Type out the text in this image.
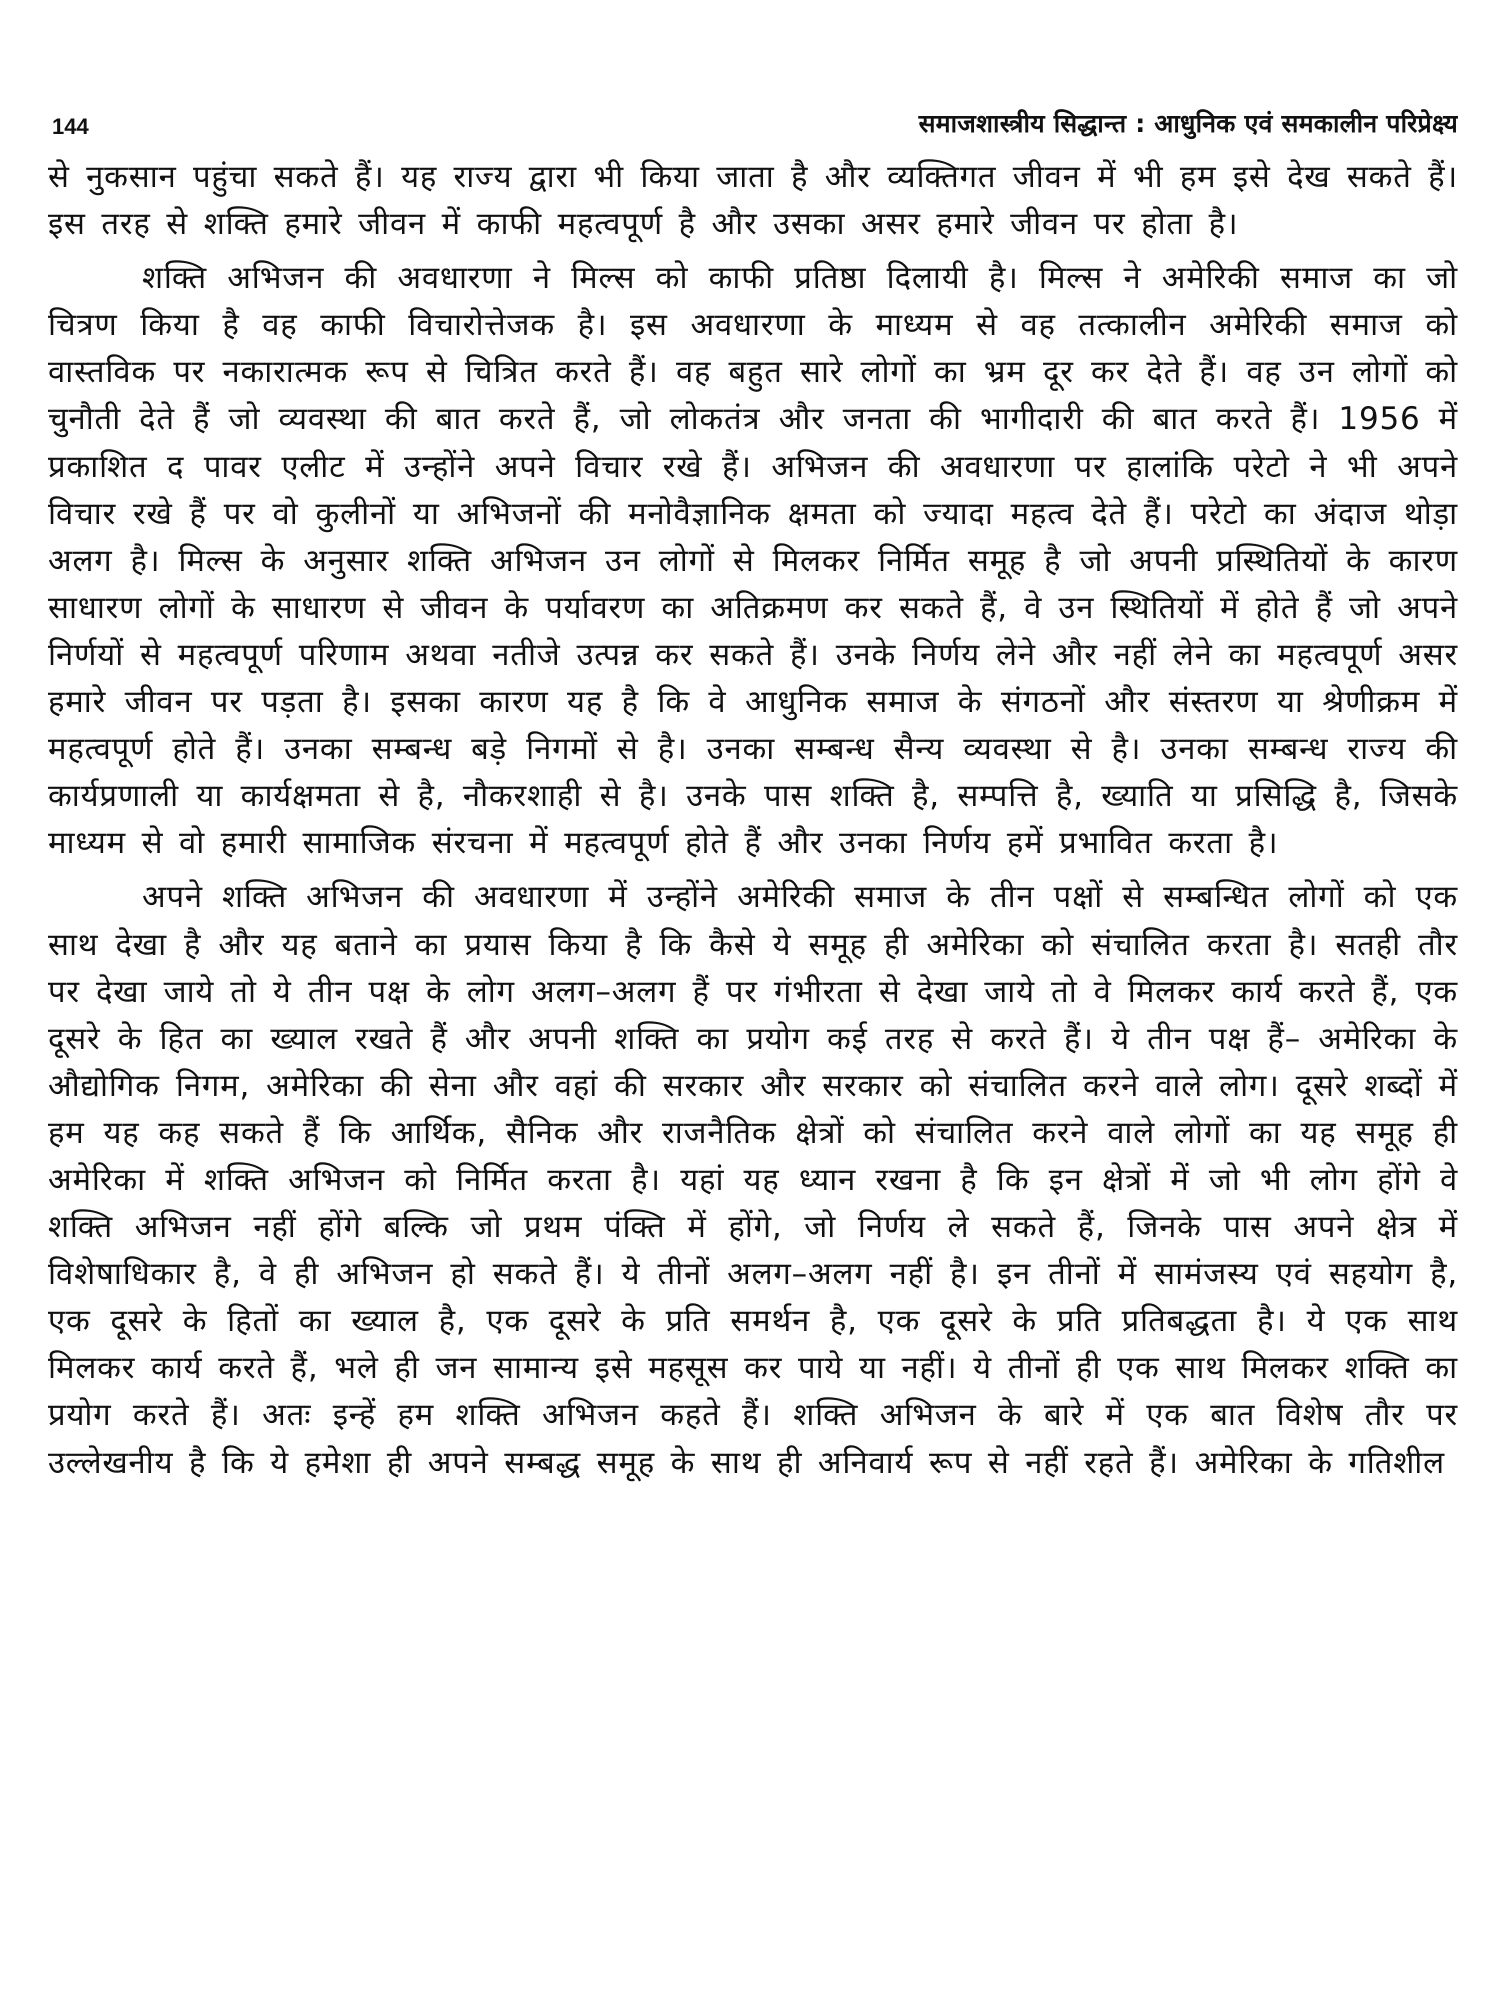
144	समाजशास्त्रीय सिद्धान्त : आधुनिक एवं समकालीन परिप्रेक्ष्य

से नुकसान पहुंचा सकते हैं। यह राज्य द्वारा भी किया जाता है और व्यक्तिगत जीवन में भी हम इसे देख सकते हैं। इस तरह से शक्ति हमारे जीवन में काफी महत्वपूर्ण है और उसका असर हमारे जीवन पर होता है।

शक्ति अभिजन की अवधारणा ने मिल्स को काफी प्रतिष्ठा दिलायी है। मिल्स ने अमेरिकी समाज का जो चित्रण किया है वह काफी विचारोत्तेजक है। इस अवधारणा के माध्यम से वह तत्कालीन अमेरिकी समाज को वास्तविक पर नकारात्मक रूप से चित्रित करते हैं। वह बहुत सारे लोगों का भ्रम दूर कर देते हैं। वह उन लोगों को चुनौती देते हैं जो व्यवस्था की बात करते हैं, जो लोकतंत्र और जनता की भागीदारी की बात करते हैं। 1956 में प्रकाशित द पावर एलीट में उन्होंने अपने विचार रखे हैं। अभिजन की अवधारणा पर हालांकि परेटो ने भी अपने विचार रखे हैं पर वो कुलीनों या अभिजनों की मनोवैज्ञानिक क्षमता को ज्यादा महत्व देते हैं। परेटो का अंदाज थोड़ा अलग है। मिल्स के अनुसार शक्ति अभिजन उन लोगों से मिलकर निर्मित समूह है जो अपनी प्रस्थितियों के कारण साधारण लोगों के साधारण से जीवन के पर्यावरण का अतिक्रमण कर सकते हैं, वे उन स्थितियों में होते हैं जो अपने निर्णयों से महत्वपूर्ण परिणाम अथवा नतीजे उत्पन्न कर सकते हैं। उनके निर्णय लेने और नहीं लेने का महत्वपूर्ण असर हमारे जीवन पर पड़ता है। इसका कारण यह है कि वे आधुनिक समाज के संगठनों और संस्तरण या श्रेणीक्रम में महत्वपूर्ण होते हैं। उनका सम्बन्ध बड़े निगमों से है। उनका सम्बन्ध सैन्य व्यवस्था से है। उनका सम्बन्ध राज्य की कार्यप्रणाली या कार्यक्षमता से है, नौकरशाही से है। उनके पास शक्ति है, सम्पत्ति है, ख्याति या प्रसिद्धि है, जिसके माध्यम से वो हमारी सामाजिक संरचना में महत्वपूर्ण होते हैं और उनका निर्णय हमें प्रभावित करता है।

अपने शक्ति अभिजन की अवधारणा में उन्होंने अमेरिकी समाज के तीन पक्षों से सम्बन्धित लोगों को एक साथ देखा है और यह बताने का प्रयास किया है कि कैसे ये समूह ही अमेरिका को संचालित करता है। सतही तौर पर देखा जाये तो ये तीन पक्ष के लोग अलग–अलग हैं पर गंभीरता से देखा जाये तो वे मिलकर कार्य करते हैं, एक दूसरे के हित का ख्याल रखते हैं और अपनी शक्ति का प्रयोग कई तरह से करते हैं। ये तीन पक्ष हैं– अमेरिका के औद्योगिक निगम, अमेरिका की सेना और वहां की सरकार और सरकार को संचालित करने वाले लोग। दूसरे शब्दों में हम यह कह सकते हैं कि आर्थिक, सैनिक और राजनैतिक क्षेत्रों को संचालित करने वाले लोगों का यह समूह ही अमेरिका में शक्ति अभिजन को निर्मित करता है। यहां यह ध्यान रखना है कि इन क्षेत्रों में जो भी लोग होंगे वे शक्ति अभिजन नहीं होंगे बल्कि जो प्रथम पंक्ति में होंगे, जो निर्णय ले सकते हैं, जिनके पास अपने क्षेत्र में विशेषाधिकार है, वे ही अभिजन हो सकते हैं। ये तीनों अलग–अलग नहीं है। इन तीनों में सामंजस्य एवं सहयोग है, एक दूसरे के हितों का ख्याल है, एक दूसरे के प्रति समर्थन है, एक दूसरे के प्रति प्रतिबद्धता है। ये एक साथ मिलकर कार्य करते हैं, भले ही जन सामान्य इसे महसूस कर पाये या नहीं। ये तीनों ही एक साथ मिलकर शक्ति का प्रयोग करते हैं। अतः इन्हें हम शक्ति अभिजन कहते हैं। शक्ति अभिजन के बारे में एक बात विशेष तौर पर उल्लेखनीय है कि ये हमेशा ही अपने सम्बद्ध समूह के साथ ही अनिवार्य रूप से नहीं रहते हैं। अमेरिका के गतिशील
